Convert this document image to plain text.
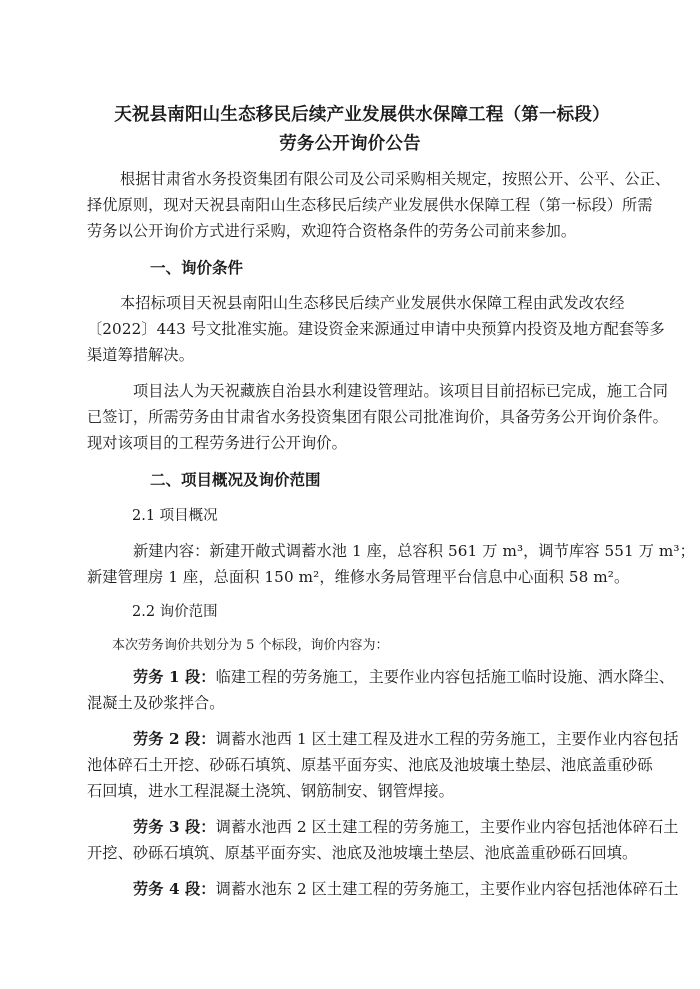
天祝县南阳山生态移民后续产业发展供水保障工程（第一标段）
劳务公开询价公告
根据甘肃省水务投资集团有限公司及公司采购相关规定，按照公开、公平、公正、
择优原则，现对天祝县南阳山生态移民后续产业发展供水保障工程（第一标段）所需
劳务以公开询价方式进行采购，欢迎符合资格条件的劳务公司前来参加。
一、询价条件
本招标项目天祝县南阳山生态移民后续产业发展供水保障工程由武发改农经
〔2022〕443 号文批准实施。建设资金来源通过申请中央预算内投资及地方配套等多
渠道筹措解决。
项目法人为天祝藏族自治县水利建设管理站。该项目目前招标已完成，施工合同
已签订，所需劳务由甘肃省水务投资集团有限公司批准询价，具备劳务公开询价条件。
现对该项目的工程劳务进行公开询价。
二、项目概况及询价范围
2.1 项目概况
新建内容：新建开敞式调蓄水池 1 座，总容积 561 万 m³，调节库容 551 万 m³；
新建管理房 1 座，总面积 150 m²，维修水务局管理平台信息中心面积 58 m²。
2.2 询价范围
本次劳务询价共划分为 5 个标段，询价内容为：
劳务 1 段：临建工程的劳务施工，主要作业内容包括施工临时设施、洒水降尘、
混凝土及砂浆拌合。
劳务 2 段：调蓄水池西 1 区土建工程及进水工程的劳务施工，主要作业内容包括
池体碎石土开挖、砂砾石填筑、原基平面夯实、池底及池坡壤土垫层、池底盖重砂砾
石回填，进水工程混凝土浇筑、钢筋制安、钢管焊接。
劳务 3 段：调蓄水池西 2 区土建工程的劳务施工，主要作业内容包括池体碎石土
开挖、砂砾石填筑、原基平面夯实、池底及池坡壤土垫层、池底盖重砂砾石回填。
劳务 4 段：调蓄水池东 2 区土建工程的劳务施工，主要作业内容包括池体碎石土
